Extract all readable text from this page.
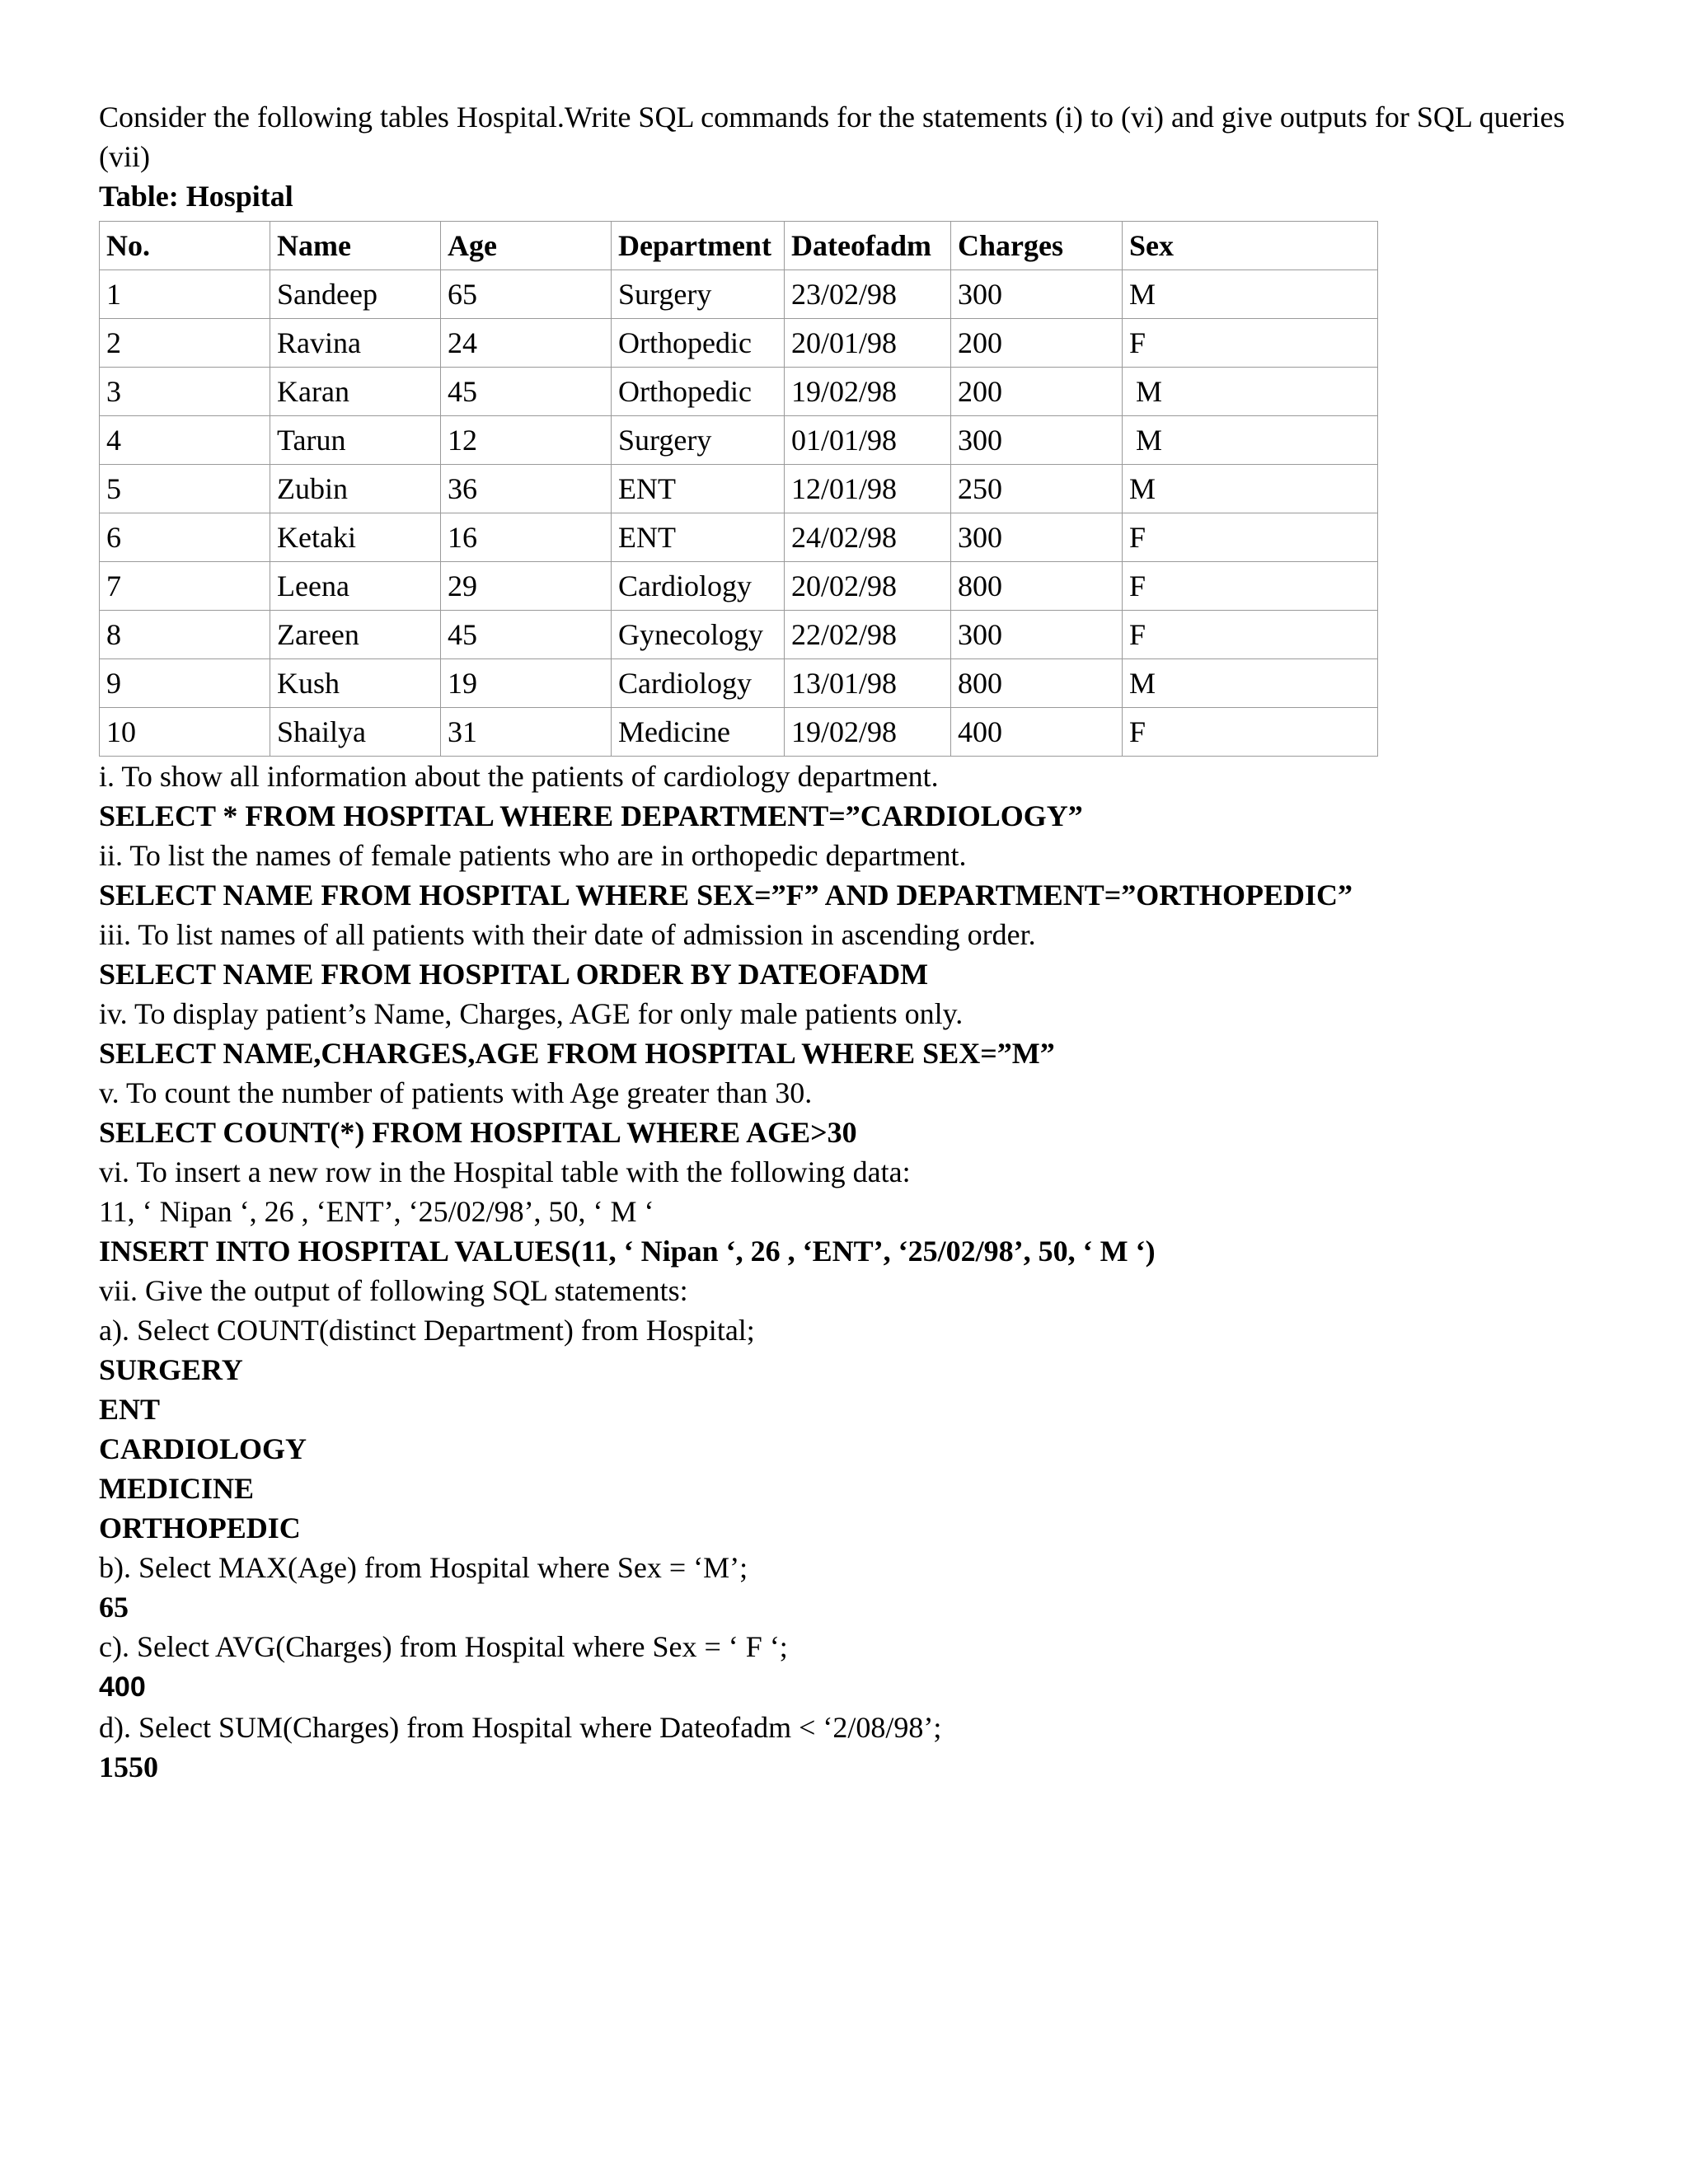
Consider the following tables Hospital.Write SQL commands for the statements (i) to (vi) and give outputs for SQL queries (vii)

Table: Hospital

No.	Name	Age	Department	Dateofadm	Charges	Sex
1	Sandeep	65	Surgery	23/02/98	300	M
2	Ravina	24	Orthopedic	20/01/98	200	F
3	Karan	45	Orthopedic	19/02/98	200	M
4	Tarun	12	Surgery	01/01/98	300	M
5	Zubin	36	ENT	12/01/98	250	M
6	Ketaki	16	ENT	24/02/98	300	F
7	Leena	29	Cardiology	20/02/98	800	F
8	Zareen	45	Gynecology	22/02/98	300	F
9	Kush	19	Cardiology	13/01/98	800	M
10	Shailya	31	Medicine	19/02/98	400	F

i. To show all information about the patients of cardiology department.

SELECT * FROM HOSPITAL WHERE DEPARTMENT=”CARDIOLOGY”

ii. To list the names of female patients who are in orthopedic department.

SELECT NAME FROM HOSPITAL WHERE SEX=”F” AND DEPARTMENT=”ORTHOPEDIC”

iii. To list names of all patients with their date of admission in ascending order.

SELECT NAME FROM HOSPITAL ORDER BY DATEOFADM

iv. To display patient’s Name, Charges, AGE for only male patients only.

SELECT NAME,CHARGES,AGE FROM HOSPITAL WHERE SEX=”M”

v. To count the number of patients with Age greater than 30.

SELECT COUNT(*) FROM HOSPITAL WHERE AGE>30

vi. To insert a new row in the Hospital table with the following data:

11, ‘ Nipan ‘, 26 , ‘ENT’, ‘25/02/98’, 50, ‘ M ‘

INSERT INTO HOSPITAL VALUES(11, ‘ Nipan ‘, 26 , ‘ENT’, ‘25/02/98’, 50, ‘ M ‘)

vii. Give the output of following SQL statements:

a). Select COUNT(distinct Department) from Hospital;

SURGERY

ENT

CARDIOLOGY

MEDICINE

ORTHOPEDIC

b). Select MAX(Age) from Hospital where Sex = ‘M’;

65

c). Select AVG(Charges) from Hospital where Sex = ‘ F ‘;

400

d). Select SUM(Charges) from Hospital where Dateofadm < ‘2/08/98’;

1550
